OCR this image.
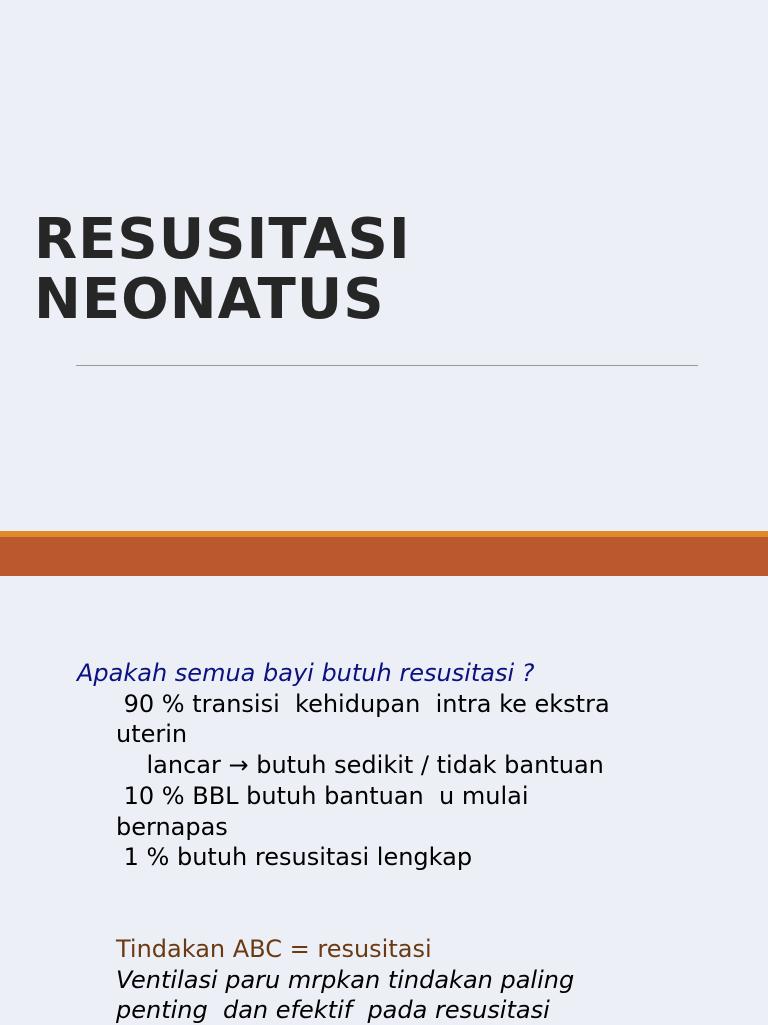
RESUSITASI
NEONATUS
Apakah semua bayi butuh resusitasi ?
90 % transisi  kehidupan  intra ke ekstra
uterin
lancar → butuh sedikit / tidak bantuan
10 % BBL butuh bantuan  u mulai
bernapas
1 % butuh resusitasi lengkap
Tindakan ABC = resusitasi
Ventilasi paru mrpkan tindakan paling
penting  dan efektif  pada resusitasi
